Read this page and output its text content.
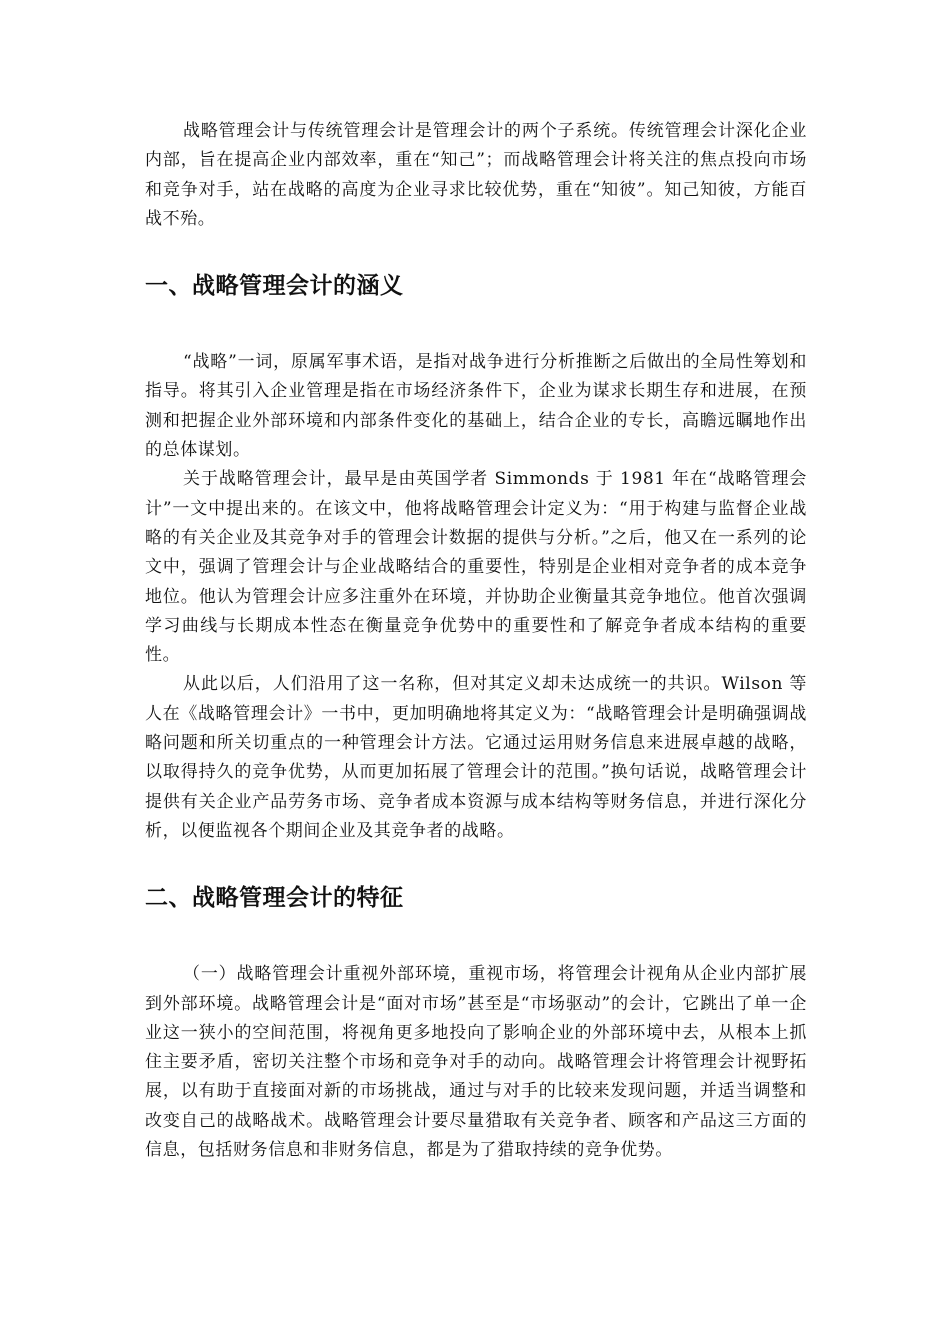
战略管理会计与传统管理会计是管理会计的两个子系统。传统管理会计深化企业内部，旨在提高企业内部效率，重在“知己”；而战略管理会计将关注的焦点投向市场和竞争对手，站在战略的高度为企业寻求比较优势，重在“知彼”。知己知彼，方能百战不殆。

一、战略管理会计的涵义

“战略”一词，原属军事术语，是指对战争进行分析推断之后做出的全局性筹划和指导。将其引入企业管理是指在市场经济条件下，企业为谋求长期生存和进展，在预测和把握企业外部环境和内部条件变化的基础上，结合企业的专长，高瞻远瞩地作出的总体谋划。

关于战略管理会计，最早是由英国学者 Simmonds 于 1981 年在“战略管理会计”一文中提出来的。在该文中，他将战略管理会计定义为：“用于构建与监督企业战略的有关企业及其竞争对手的管理会计数据的提供与分析。”之后，他又在一系列的论文中，强调了管理会计与企业战略结合的重要性，特别是企业相对竞争者的成本竞争地位。他认为管理会计应多注重外在环境，并协助企业衡量其竞争地位。他首次强调学习曲线与长期成本性态在衡量竞争优势中的重要性和了解竞争者成本结构的重要性。

从此以后，人们沿用了这一名称，但对其定义却未达成统一的共识。Wilson 等人在《战略管理会计》一书中，更加明确地将其定义为：“战略管理会计是明确强调战略问题和所关切重点的一种管理会计方法。它通过运用财务信息来进展卓越的战略，以取得持久的竞争优势，从而更加拓展了管理会计的范围。”换句话说，战略管理会计提供有关企业产品劳务市场、竞争者成本资源与成本结构等财务信息，并进行深化分析，以便监视各个期间企业及其竞争者的战略。

二、战略管理会计的特征

（一）战略管理会计重视外部环境，重视市场，将管理会计视角从企业内部扩展到外部环境。战略管理会计是“面对市场”甚至是“市场驱动”的会计，它跳出了单一企业这一狭小的空间范围，将视角更多地投向了影响企业的外部环境中去，从根本上抓住主要矛盾，密切关注整个市场和竞争对手的动向。战略管理会计将管理会计视野拓展，以有助于直接面对新的市场挑战，通过与对手的比较来发现问题，并适当调整和改变自己的战略战术。战略管理会计要尽量猎取有关竞争者、顾客和产品这三方面的信息，包括财务信息和非财务信息，都是为了猎取持续的竞争优势。
